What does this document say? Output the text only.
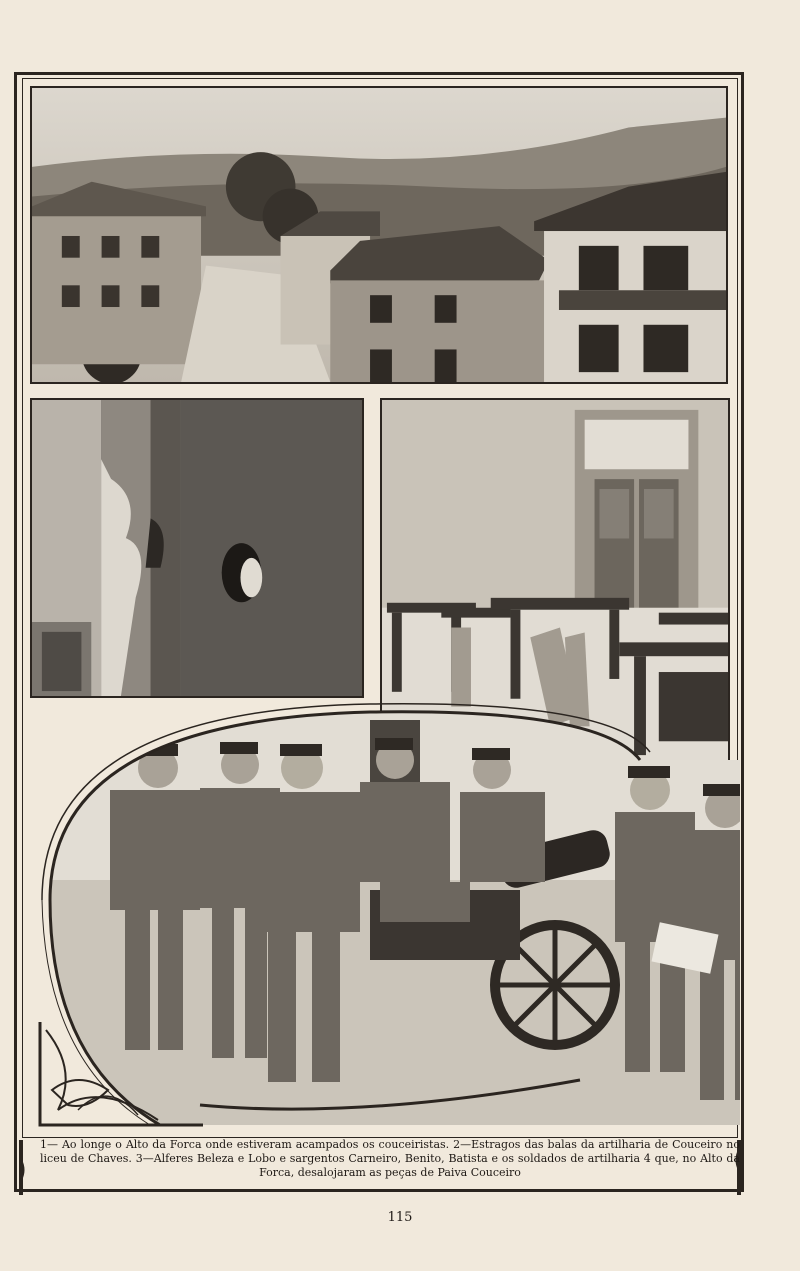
1— Ao longe o Alto da Forca onde estiveram acampados os couceiristas. 2—Estragos das balas da artilharia de Couceiro no liceu de Chaves. 3—Alferes Beleza e Lobo e sargentos Carneiro, Benito, Batista e os soldados de artilharia 4 que, no Alto da Forca, desalojaram as peças de Paiva Couceiro
115
